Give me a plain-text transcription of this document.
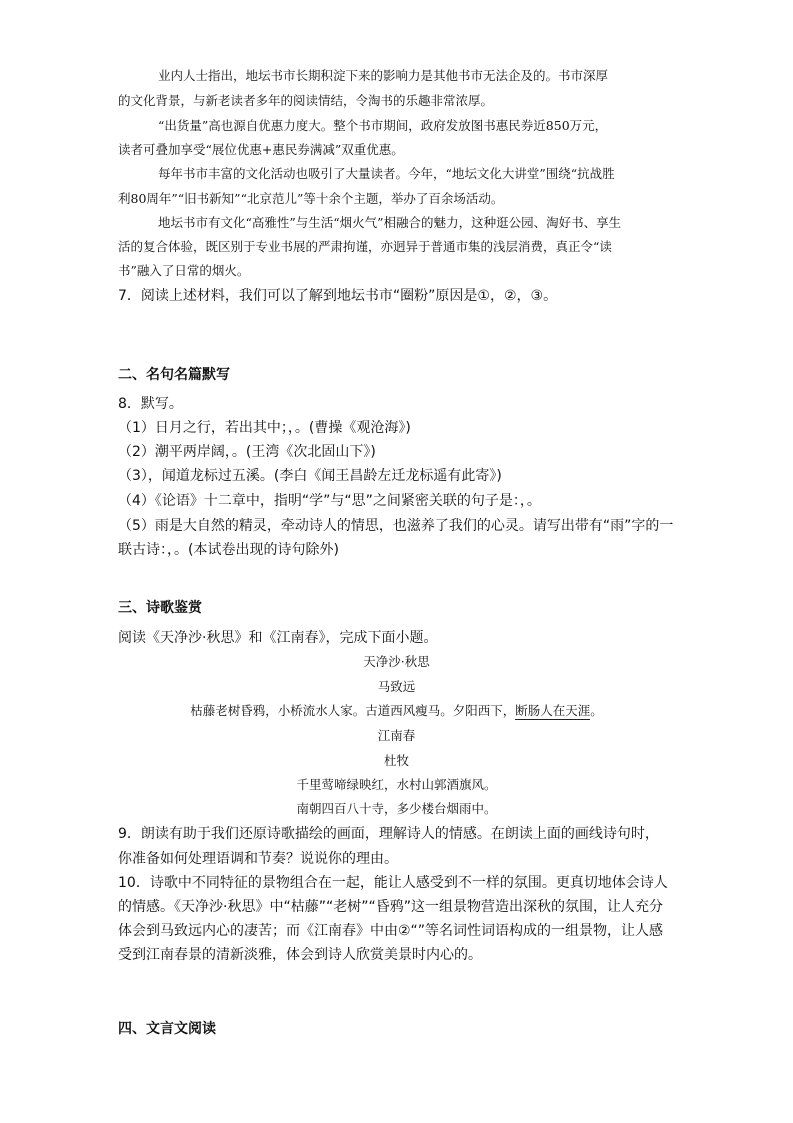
业内人士指出，地坛书市长期积淀下来的影响力是其他书市无法企及的。书市深厚
的文化背景，与新老读者多年的阅读情结，令淘书的乐趣非常浓厚。
“出货量”高也源自优惠力度大。整个书市期间，政府发放图书惠民券近850万元，
读者可叠加享受“展位优惠+惠民券满减”双重优惠。
每年书市丰富的文化活动也吸引了大量读者。今年，“地坛文化大讲堂”围绕“抗战胜
利80周年”“旧书新知”“北京范儿”等十余个主题，举办了百余场活动。
地坛书市有文化“高雅性”与生活“烟火气”相融合的魅力，这种逛公园、淘好书、享生
活的复合体验，既区别于专业书展的严肃拘谨，亦迥异于普通市集的浅层消费，真正令“读
书”融入了日常的烟火。
7．阅读上述材料，我们可以了解到地坛书市“圈粉”原因是①，②，③。
二、名句名篇默写
8．默写。
（1）日月之行，若出其中；，。(曹操《观沧海》)
（2）潮平两岸阔，。(王湾《次北固山下》)
（3），闻道龙标过五溪。(李白《闻王昌龄左迁龙标遥有此寄》)
（4）《论语》十二章中，指明“学”与“思”之间紧密关联的句子是：，。
（5）雨是大自然的精灵，牵动诗人的情思，也滋养了我们的心灵。请写出带有“雨”字的一
联古诗：，。(本试卷出现的诗句除外)
三、诗歌鉴赏
阅读《天净沙·秋思》和《江南春》，完成下面小题。
天净沙·秋思
马致远
枯藤老树昏鸦，小桥流水人家。古道西风瘦马。夕阳西下，断肠人在天涯。
江南春
杜牧
千里莺啼绿映红，水村山郭酒旗风。
南朝四百八十寺，多少楼台烟雨中。
9．朗读有助于我们还原诗歌描绘的画面，理解诗人的情感。在朗读上面的画线诗句时，
你准备如何处理语调和节奏？说说你的理由。
10．诗歌中不同特征的景物组合在一起，能让人感受到不一样的氛围。更真切地体会诗人
的情感。《天净沙·秋思》中“枯藤”“老树”“昏鸦”这一组景物营造出深秋的氛围，让人充分
体会到马致远内心的凄苦；而《江南春》中由②“”等名词性词语构成的一组景物，让人感
受到江南春景的清新淡雅，体会到诗人欣赏美景时内心的。
四、文言文阅读
